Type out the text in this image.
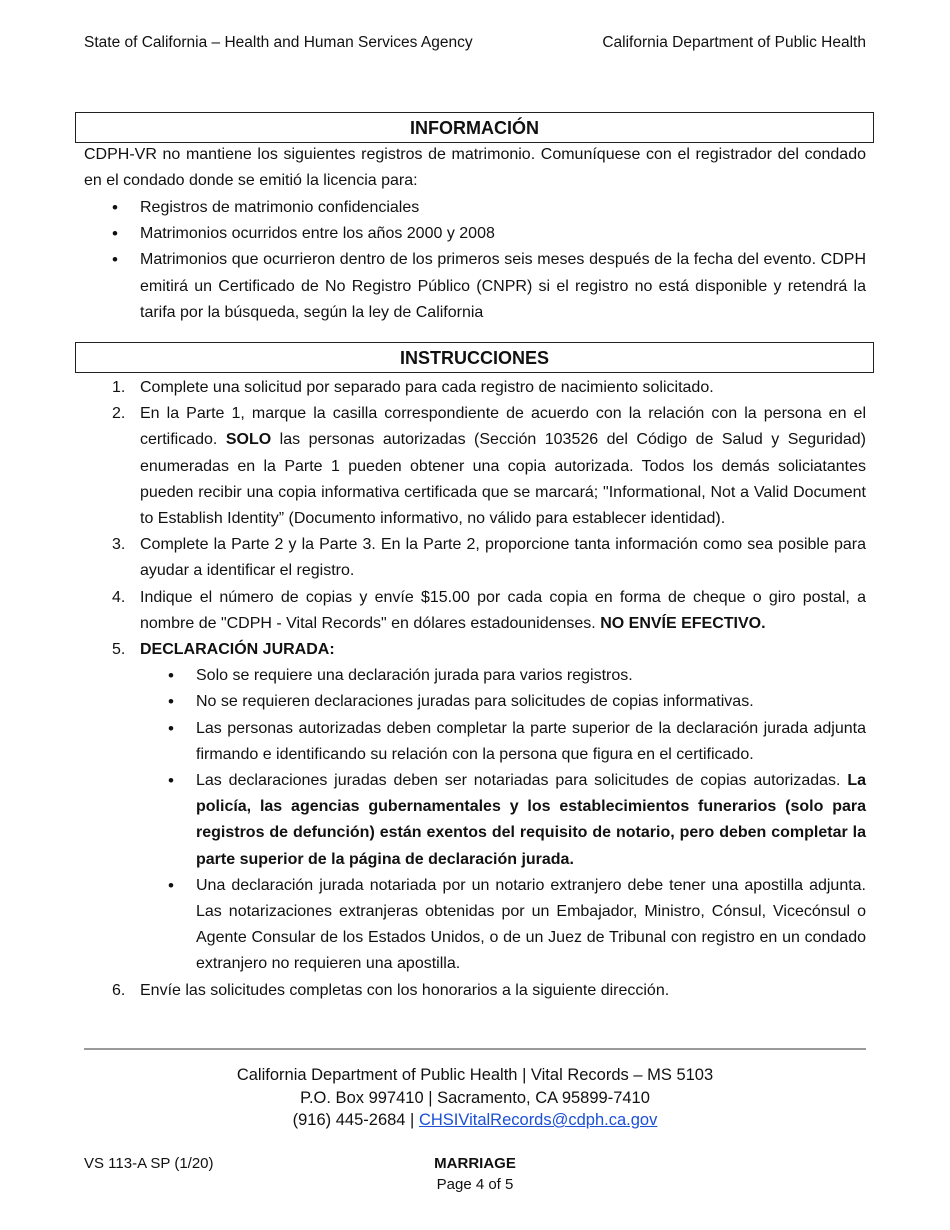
State of California – Health and Human Services Agency	California Department of Public Health
INFORMACIÓN
CDPH-VR no mantiene los siguientes registros de matrimonio. Comuníquese con el registrador del condado en el condado donde se emitió la licencia para:
• Registros de matrimonio confidenciales
• Matrimonios ocurridos entre los años 2000 y 2008
• Matrimonios que ocurrieron dentro de los primeros seis meses después de la fecha del evento. CDPH emitirá un Certificado de No Registro Público (CNPR) si el registro no está disponible y retendrá la tarifa por la búsqueda, según la ley de California
INSTRUCCIONES
1. Complete una solicitud por separado para cada registro de nacimiento solicitado.
2. En la Parte 1, marque la casilla correspondiente de acuerdo con la relación con la persona en el certificado. SOLO las personas autorizadas (Sección 103526 del Código de Salud y Seguridad) enumeradas en la Parte 1 pueden obtener una copia autorizada. Todos los demás soliciatantes pueden recibir una copia informativa certificada que se marcará; "Informational, Not a Valid Document to Establish Identity” (Documento informativo, no válido para establecer identidad).
3. Complete la Parte 2 y la Parte 3. En la Parte 2, proporcione tanta información como sea posible para ayudar a identificar el registro.
4. Indique el número de copias y envíe $15.00 por cada copia en forma de cheque o giro postal, a nombre de "CDPH - Vital Records" en dólares estadounidenses. NO ENVÍE EFECTIVO.
5. DECLARACIÓN JURADA:
• Solo se requiere una declaración jurada para varios registros.
• No se requieren declaraciones juradas para solicitudes de copias informativas.
• Las personas autorizadas deben completar la parte superior de la declaración jurada adjunta firmando e identificando su relación con la persona que figura en el certificado.
• Las declaraciones juradas deben ser notariadas para solicitudes de copias autorizadas. La policía, las agencias gubernamentales y los establecimientos funerarios (solo para registros de defunción) están exentos del requisito de notario, pero deben completar la parte superior de la página de declaración jurada.
• Una declaración jurada notariada por un notario extranjero debe tener una apostilla adjunta. Las notarizaciones extranjeras obtenidas por un Embajador, Ministro, Cónsul, Vicecónsul o Agente Consular de los Estados Unidos, o de un Juez de Tribunal con registro en un condado extranjero no requieren una apostilla.
6. Envíe las solicitudes completas con los honorarios a la siguiente dirección.
California Department of Public Health | Vital Records – MS 5103
P.O. Box 997410 | Sacramento, CA 95899-7410
(916) 445-2684 | CHSIVitalRecords@cdph.ca.gov
VS 113-A SP (1/20)	MARRIAGE
Page 4 of 5
